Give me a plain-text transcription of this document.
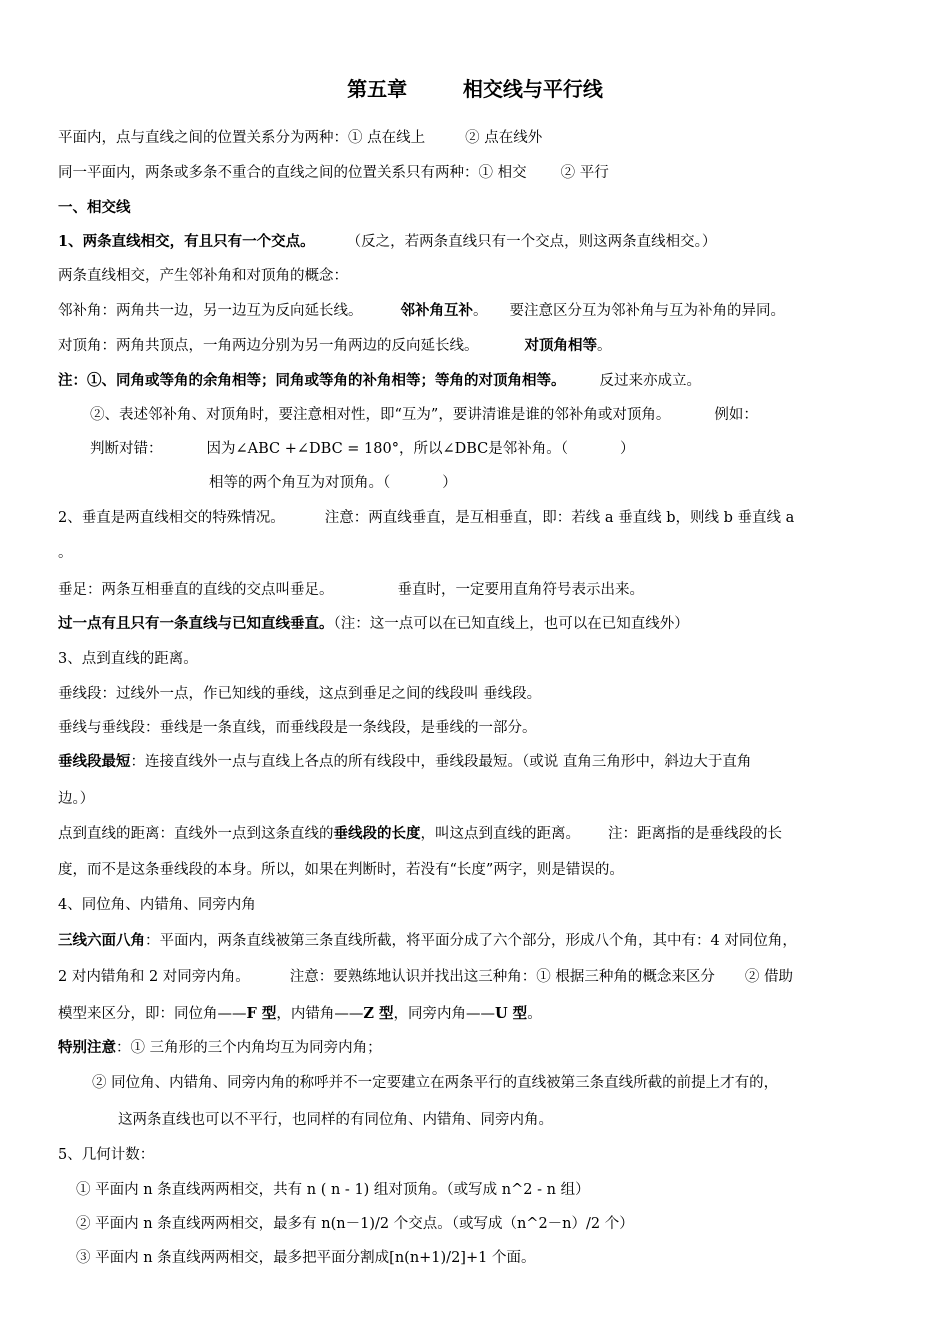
第五章        相交线与平行线
平面内，点与直线之间的位置关系分为两种：① 点在线上	② 点在线外
同一平面内，两条或多条不重合的直线之间的位置关系只有两种：① 相交 ② 平行
一、相交线
1、两条直线相交，有且只有一个交点。 （反之，若两条直线只有一个交点，则这两条直线相交。）
两条直线相交，产生邻补角和对顶角的概念：
邻补角：两角共一边，另一边互为反向延长线。	邻补角互补。 要注意区分互为邻补角与互为补角的异同。
对顶角：两角共顶点，一角两边分别为另一角两边的反向延长线。	对顶角相等。
注：①、同角或等角的余角相等；同角或等角的补角相等；等角的对顶角相等。 反过来亦成立。
②、表述邻补角、对顶角时，要注意相对性，即“互为”，要讲清谁是谁的邻补角或对顶角。	例如：
判断对错：	因为∠ABC +∠DBC = 180°，所以∠DBC是邻补角。（	）
相等的两个角互为对顶角。（	）
2、垂直是两直线相交的特殊情况。	注意：两直线垂直，是互相垂直，即：若线 a 垂直线 b，则线 b 垂直线 a
。
垂足：两条互相垂直的直线的交点叫垂足。	垂直时，一定要用直角符号表示出来。
过一点有且只有一条直线与已知直线垂直。（注：这一点可以在已知直线上，也可以在已知直线外）
3、点到直线的距离。
垂线段：过线外一点，作已知线的垂线，这点到垂足之间的线段叫 垂线段。
垂线与垂线段：垂线是一条直线，而垂线段是一条线段，是垂线的一部分。
垂线段最短：连接直线外一点与直线上各点的所有线段中，垂线段最短。（或说 直角三角形中，斜边大于直角
边。）
点到直线的距离：直线外一点到这条直线的垂线段的长度，叫这点到直线的距离。 注：距离指的是垂线段的长
度，而不是这条垂线段的本身。所以，如果在判断时，若没有“长度”两字，则是错误的。
4、同位角、内错角、同旁内角
三线六面八角：平面内，两条直线被第三条直线所截，将平面分成了六个部分，形成八个角，其中有：4 对同位角，
2 对内错角和 2 对同旁内角。	注意：要熟练地认识并找出这三种角：① 根据三种角的概念来区分 ② 借助
模型来区分，即：同位角——F 型，内错角——Z 型，同旁内角——U 型。
特别注意：① 三角形的三个内角均互为同旁内角；
② 同位角、内错角、同旁内角的称呼并不一定要建立在两条平行的直线被第三条直线所截的前提上才有的，
这两条直线也可以不平行，也同样的有同位角、内错角、同旁内角。
5、几何计数：
① 平面内 n 条直线两两相交，共有 n ( n - 1) 组对顶角。（或写成 n^2 - n 组）
② 平面内 n 条直线两两相交，最多有 n(n－1)/2 个交点。（或写成（n^2－n）/2 个）
③ 平面内 n 条直线两两相交，最多把平面分割成[n(n+1)/2]+1 个面。
